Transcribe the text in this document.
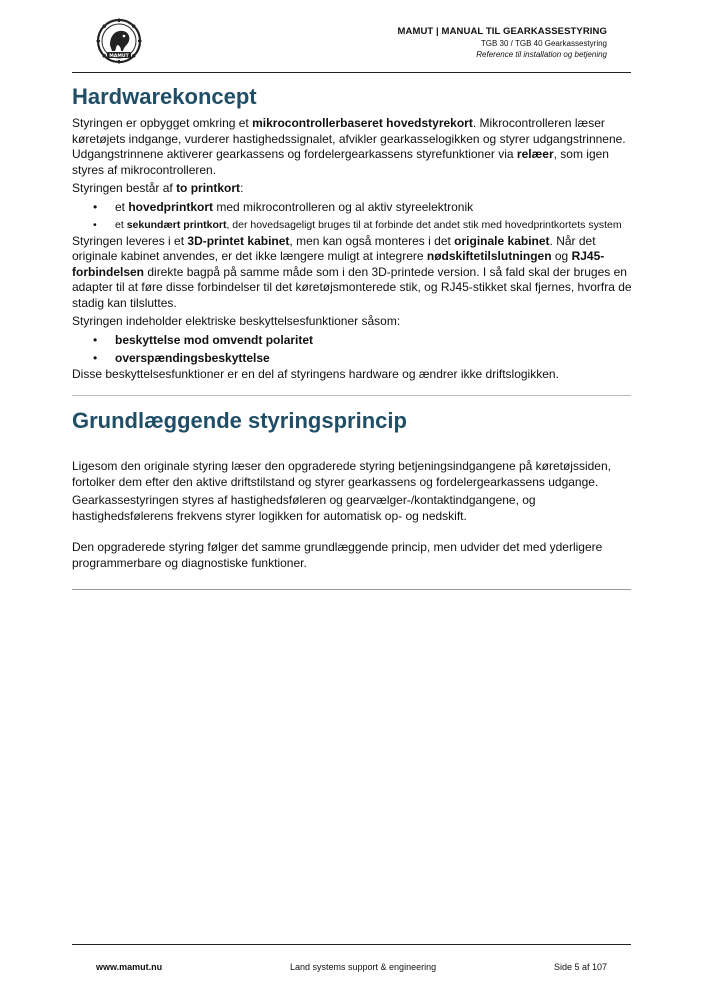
MAMUT
MAMUT | MANUAL TIL GEARKASSESTYRING
TGB 30 / TGB 40 Gearkassestyring
Reference til installation og betjening
Hardwarekoncept

Styringen er opbygget omkring et mikrocontrollerbaseret hovedstyrekort. Mikrocontrolleren læser køretøjets indgange, vurderer hastighedssignalet, afvikler gearkasselogikken og styrer udgangstrinnene. Udgangstrinnene aktiverer gearkassens og fordelergearkassens styrefunktioner via relæer, som igen styres af mikrocontrolleren.

Styringen består af to printkort:

• et hovedprintkort med mikrocontrolleren og al aktiv styreelektronik

• et sekundært printkort, der hovedsageligt bruges til at forbinde det andet stik med hovedprintkortets system

Styringen leveres i et 3D-printet kabinet, men kan også monteres i det originale kabinet. Når det originale kabinet anvendes, er det ikke længere muligt at integrere nødskiftetilslutningen og RJ45-forbindelsen direkte bagpå på samme måde som i den 3D-printede version. I så fald skal der bruges en adapter til at føre disse forbindelser til det køretøjsmonterede stik, og RJ45-stikket skal fjernes, hvorfra de stadig kan tilsluttes.

Styringen indeholder elektriske beskyttelsesfunktioner såsom:

• beskyttelse mod omvendt polaritet

• overspændingsbeskyttelse

Disse beskyttelsesfunktioner er en del af styringens hardware og ændrer ikke driftslogikken.

Grundlæggende styringsprincip

Ligesom den originale styring læser den opgraderede styring betjeningsindgangene på køretøjssiden, fortolker dem efter den aktive driftstilstand og styrer gearkassens og fordelergearkassens udgange.

Gearkassestyringen styres af hastighedsføleren og gearvælger-/kontaktindgangene, og hastighedsfølerens frekvens styrer logikken for automatisk op- og nedskift.

Den opgraderede styring følger det samme grundlæggende princip, men udvider det med yderligere programmerbare og diagnostiske funktioner.

www.mamut.nu	Land systems support & engineering	Side 5 af 107
